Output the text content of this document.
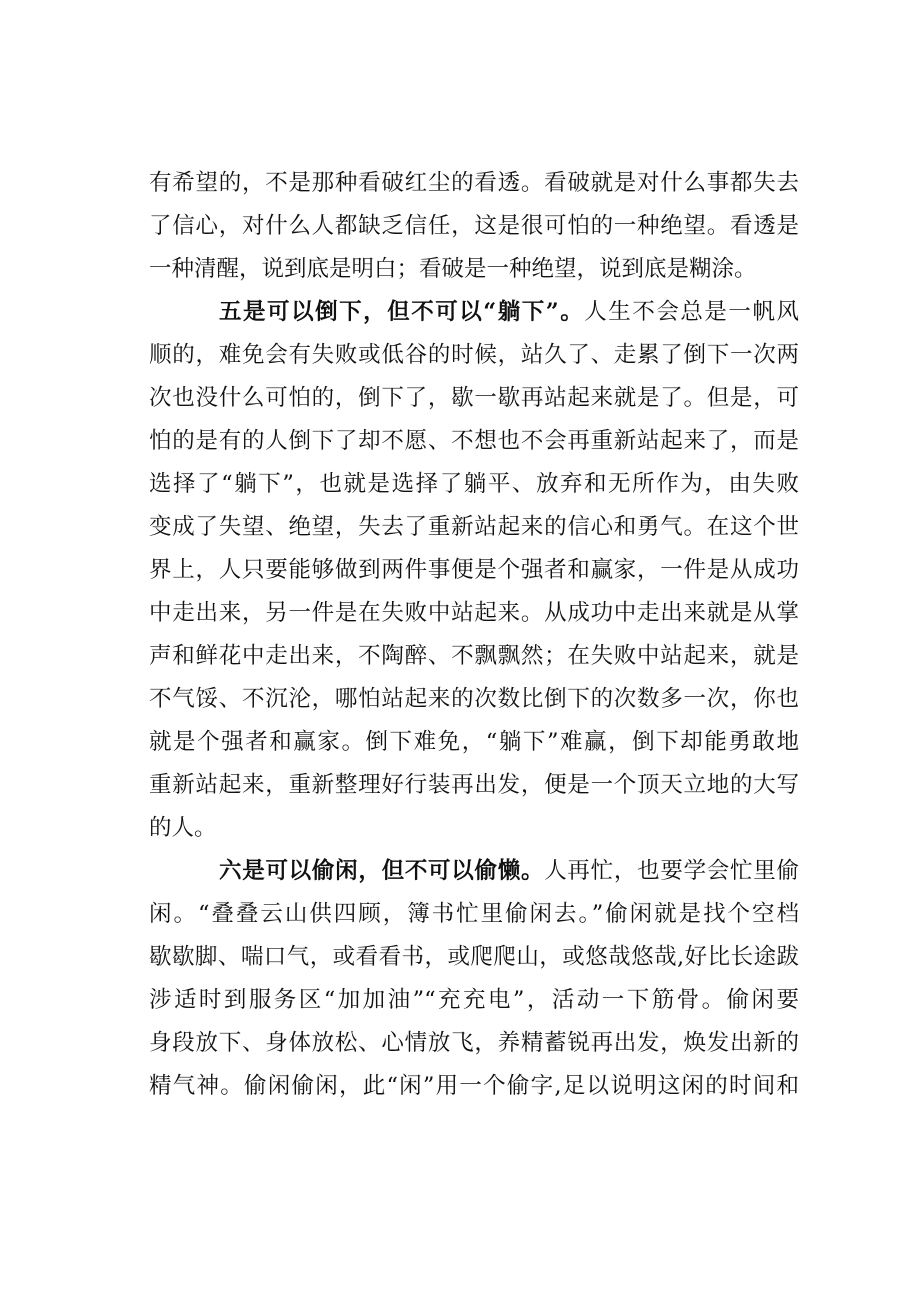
有希望的，不是那种看破红尘的看透。看破就是对什么事都失去
了信心，对什么人都缺乏信任，这是很可怕的一种绝望。看透是
一种清醒，说到底是明白；看破是一种绝望，说到底是糊涂。
五是可以倒下，但不可以“躺下”。人生不会总是一帆风
顺的，难免会有失败或低谷的时候，站久了、走累了倒下一次两
次也没什么可怕的，倒下了，歇一歇再站起来就是了。但是，可
怕的是有的人倒下了却不愿、不想也不会再重新站起来了，而是
选择了“躺下”，也就是选择了躺平、放弃和无所作为，由失败
变成了失望、绝望，失去了重新站起来的信心和勇气。在这个世
界上，人只要能够做到两件事便是个强者和赢家，一件是从成功
中走出来，另一件是在失败中站起来。从成功中走出来就是从掌
声和鲜花中走出来，不陶醉、不飘飘然；在失败中站起来，就是
不气馁、不沉沦，哪怕站起来的次数比倒下的次数多一次，你也
就是个强者和赢家。倒下难免，“躺下”难赢，倒下却能勇敢地
重新站起来，重新整理好行装再出发，便是一个顶天立地的大写
的人。
六是可以偷闲，但不可以偷懒。人再忙，也要学会忙里偷
闲。“叠叠云山供四顾，簿书忙里偷闲去。”偷闲就是找个空档
歇歇脚、喘口气，或看看书，或爬爬山，或悠哉悠哉,好比长途跋
涉适时到服务区“加加油”“充充电”，活动一下筋骨。偷闲要
身段放下、身体放松、心情放飞，养精蓄锐再出发，焕发出新的
精气神。偷闲偷闲，此“闲”用一个偷字,足以说明这闲的时间和
